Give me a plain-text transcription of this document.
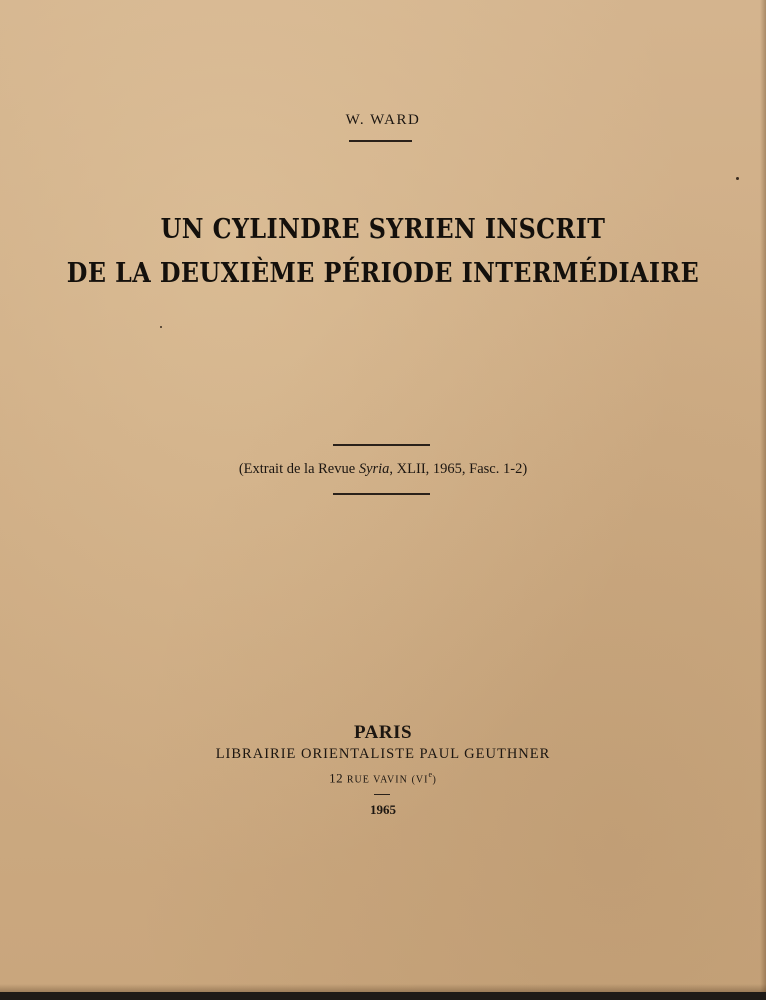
W. WARD
UN CYLINDRE SYRIEN INSCRIT
DE LA DEUXIÈME PÉRIODE INTERMÉDIAIRE
(Extrait de la Revue Syria, XLII, 1965, Fasc. 1-2)
PARIS
LIBRAIRIE ORIENTALISTE PAUL GEUTHNER
12 RUE VAVIN (VIe)
1965
